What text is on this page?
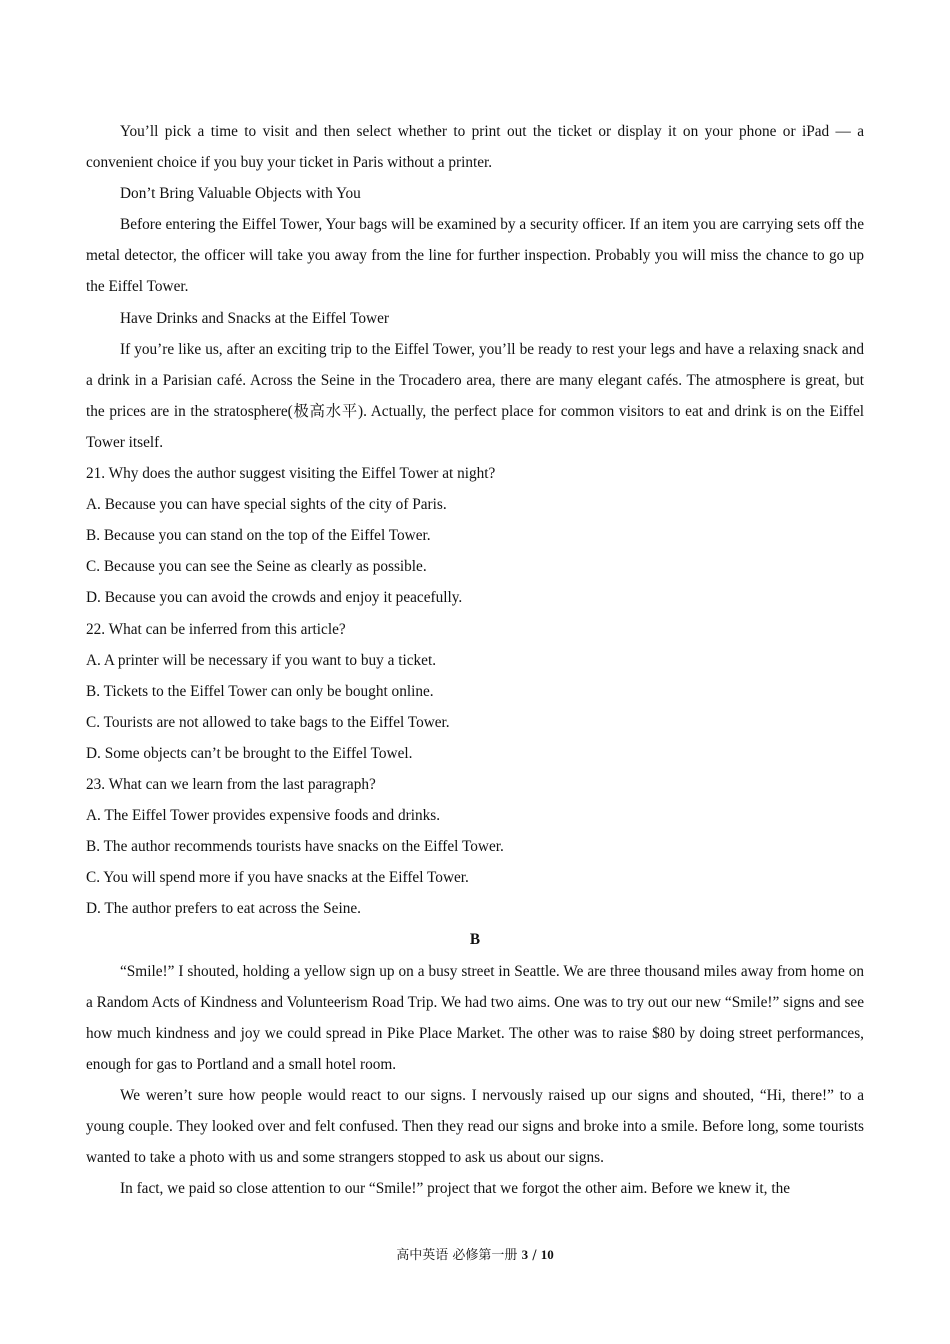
You’ll pick a time to visit and then select whether to print out the ticket or display it on your phone or iPad — a convenient choice if you buy your ticket in Paris without a printer.

Don’t Bring Valuable Objects with You

Before entering the Eiffel Tower, Your bags will be examined by a security officer. If an item you are carrying sets off the metal detector, the officer will take you away from the line for further inspection. Probably you will miss the chance to go up the Eiffel Tower.

Have Drinks and Snacks at the Eiffel Tower

If you’re like us, after an exciting trip to the Eiffel Tower, you’ll be ready to rest your legs and have a relaxing snack and a drink in a Parisian café. Across the Seine in the Trocadero area, there are many elegant cafés. The atmosphere is great, but the prices are in the stratosphere(极高水平). Actually, the perfect place for common visitors to eat and drink is on the Eiffel Tower itself.

21. Why does the author suggest visiting the Eiffel Tower at night?

A. Because you can have special sights of the city of Paris.

B. Because you can stand on the top of the Eiffel Tower.

C. Because you can see the Seine as clearly as possible.

D. Because you can avoid the crowds and enjoy it peacefully.

22. What can be inferred from this article?

A. A printer will be necessary if you want to buy a ticket.

B. Tickets to the Eiffel Tower can only be bought online.

C. Tourists are not allowed to take bags to the Eiffel Tower.

D. Some objects can’t be brought to the Eiffel Towel.

23. What can we learn from the last paragraph?

A. The Eiffel Tower provides expensive foods and drinks.

B. The author recommends tourists have snacks on the Eiffel Tower.

C. You will spend more if you have snacks at the Eiffel Tower.

D. The author prefers to eat across the Seine.

B

“Smile!” I shouted, holding a yellow sign up on a busy street in Seattle. We are three thousand miles away from home on a Random Acts of Kindness and Volunteerism Road Trip. We had two aims. One was to try out our new “Smile!” signs and see how much kindness and joy we could spread in Pike Place Market. The other was to raise $80 by doing street performances, enough for gas to Portland and a small hotel room.

We weren’t sure how people would react to our signs. I nervously raised up our signs and shouted, “Hi, there!” to a young couple. They looked over and felt confused. Then they read our signs and broke into a smile. Before long, some tourists wanted to take a photo with us and some strangers stopped to ask us about our signs.

In fact, we paid so close attention to our “Smile!” project that we forgot the other aim. Before we knew it, the

高中英语 必修第一册 3 / 10
